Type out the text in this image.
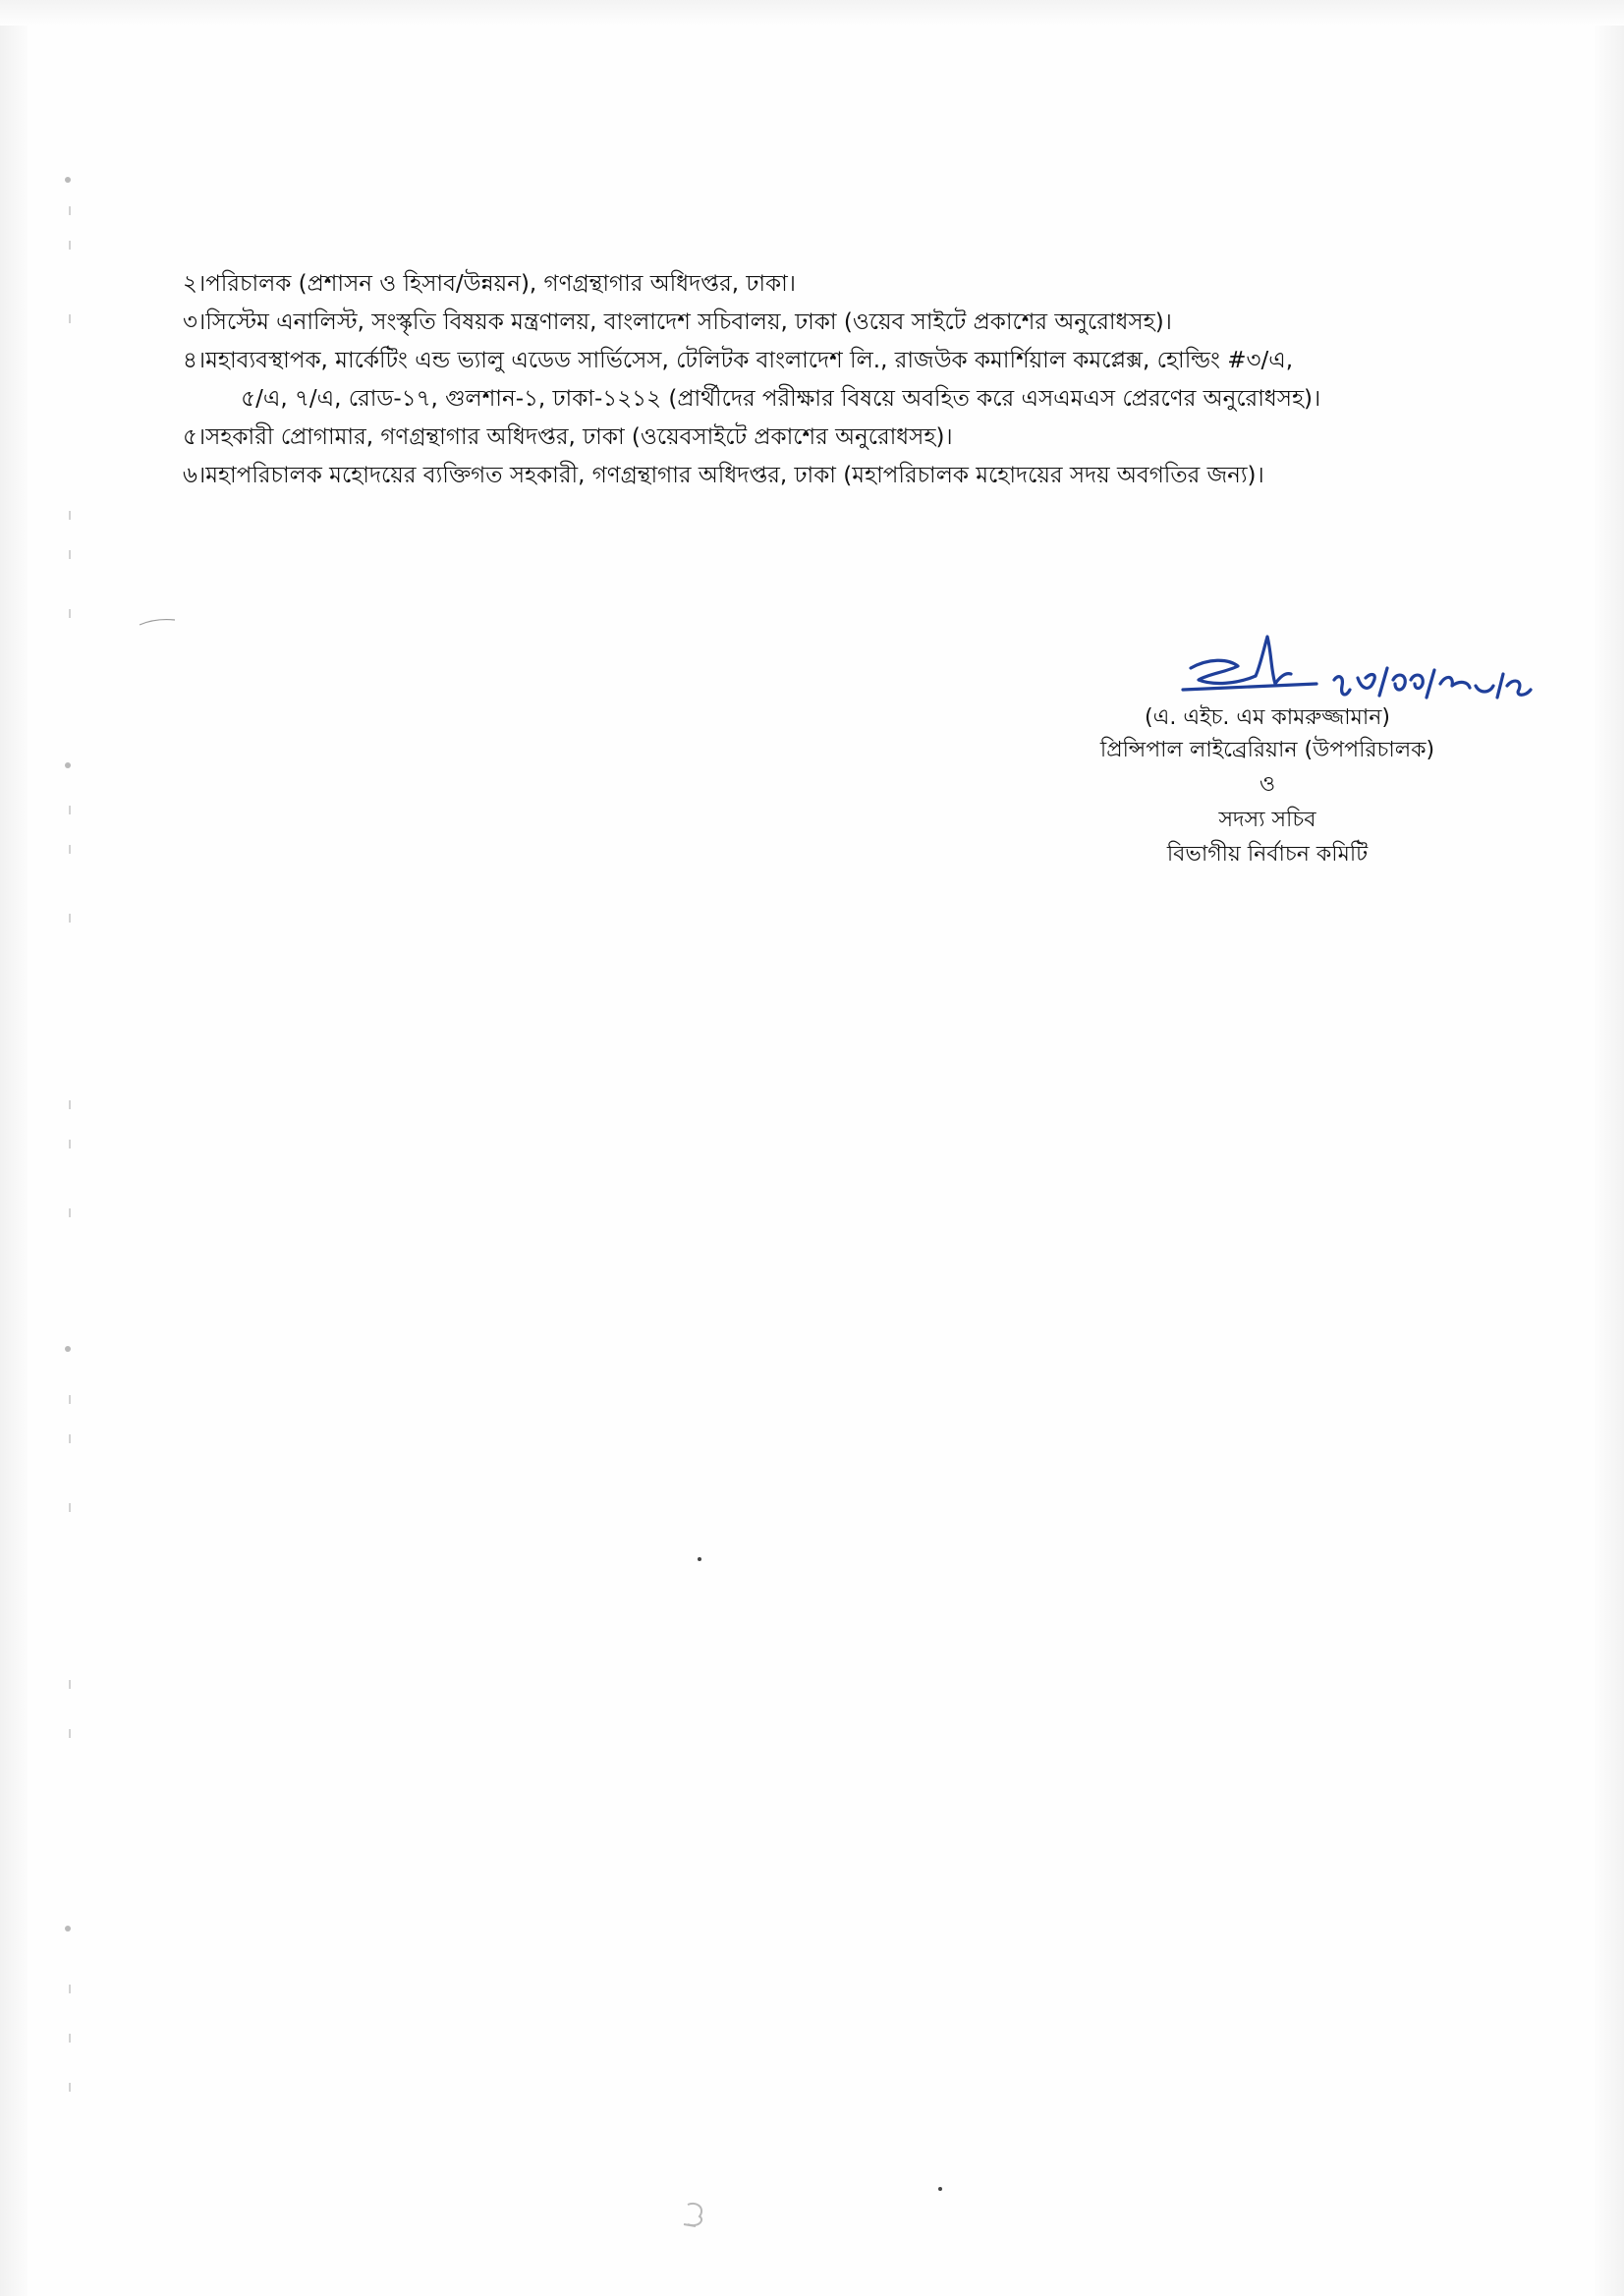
২। পরিচালক (প্রশাসন ও হিসাব/উন্নয়ন), গণগ্রন্থাগার অধিদপ্তর, ঢাকা।
৩। সিস্টেম এনালিস্ট, সংস্কৃতি বিষয়ক মন্ত্রণালয়, বাংলাদেশ সচিবালয়, ঢাকা (ওয়েব সাইটে প্রকাশের অনুরোধসহ)।
৪। মহাব্যবস্থাপক, মার্কেটিং এন্ড ভ্যালু এডেড সার্ভিসেস, টেলিটক বাংলাদেশ লি., রাজউক কমার্শিয়াল কমপ্লেক্স, হোল্ডিং #৩/এ,
৫/এ, ৭/এ, রোড-১৭, গুলশান-১, ঢাকা-১২১২ (প্রার্থীদের পরীক্ষার বিষয়ে অবহিত করে এসএমএস প্রেরণের অনুরোধসহ)।
৫। সহকারী প্রোগামার, গণগ্রন্থাগার অধিদপ্তর, ঢাকা (ওয়েবসাইটে প্রকাশের অনুরোধসহ)।
৬। মহাপরিচালক মহোদয়ের ব্যক্তিগত সহকারী, গণগ্রন্থাগার অধিদপ্তর, ঢাকা (মহাপরিচালক মহোদয়ের সদয় অবগতির জন্য)।
(এ. এইচ. এম কামরুজ্জামান)
প্রিন্সিপাল লাইব্রেরিয়ান (উপপরিচালক)
ও
সদস্য সচিব
বিভাগীয় নির্বাচন কমিটি
